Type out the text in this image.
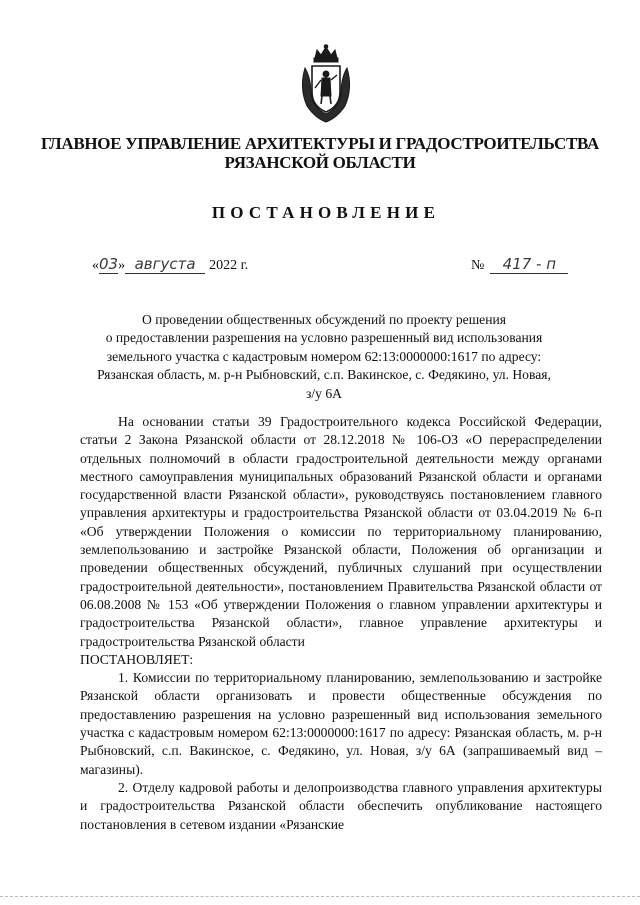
ГЛАВНОЕ УПРАВЛЕНИЕ АРХИТЕКТУРЫ И ГРАДОСТРОИТЕЛЬСТВА
РЯЗАНСКОЙ ОБЛАСТИ
ПОСТАНОВЛЕНИЕ
«03» августа 2022 г.	№ 417 - п
О проведении общественных обсуждений по проекту решения
о предоставлении разрешения на условно разрешенный вид использования
земельного участка с кадастровым номером 62:13:0000000:1617 по адресу:
Рязанская область, м. р-н Рыбновский, с.п. Вакинское, с. Федякино, ул. Новая,
з/у 6А

На основании статьи 39 Градостроительного кодекса Российской Федерации, статьи 2 Закона Рязанской области от 28.12.2018 № 106-ОЗ «О перераспределении отдельных полномочий в области градостроительной деятельности между органами местного самоуправления муниципальных образований Рязанской области и органами государственной власти Рязанской области», руководствуясь постановлением главного управления архитектуры и градостроительства Рязанской области от 03.04.2019 № 6-п «Об утверждении Положения о комиссии по территориальному планированию, землепользованию и застройке Рязанской области, Положения об организации и проведении общественных обсуждений, публичных слушаний при осуществлении градостроительной деятельности», постановлением Правительства Рязанской области от 06.08.2008 № 153 «Об утверждении Положения о главном управлении архитектуры и градостроительства Рязанской области», главное управление архитектуры и градостроительства Рязанской области

ПОСТАНОВЛЯЕТ:

1. Комиссии по территориальному планированию, землепользованию и застройке Рязанской области организовать и провести общественные обсуждения по предоставлению разрешения на условно разрешенный вид использования земельного участка с кадастровым номером 62:13:0000000:1617 по адресу: Рязанская область, м. р-н Рыбновский, с.п. Вакинское, с. Федякино, ул. Новая, з/у 6А (запрашиваемый вид – магазины).

2. Отделу кадровой работы и делопроизводства главного управления архитектуры и градостроительства Рязанской области обеспечить опубликование настоящего постановления в сетевом издании «Рязанские
